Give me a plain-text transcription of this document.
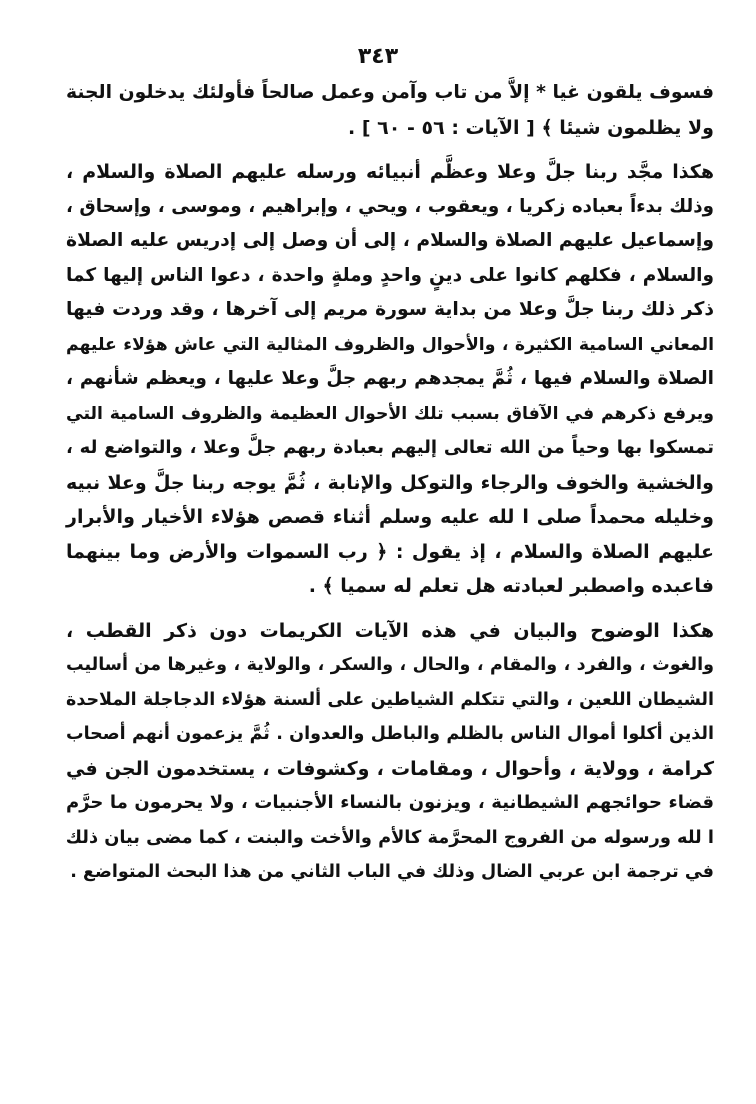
٣٤٣
فسوف يلقون غيا * إلاَّ من تاب وآمن وعمل صالحاً فأولئك يدخلون الجنة
ولا يظلمون شيئا ﴾ [ الآيات : ٥٦ - ٦٠ ] .
هكذا مجَّد ربنا جلَّ وعلا وعظَّم أنبيائه ورسله عليهم الصلاة والسلام ،
وذلك بدءاً بعباده زكريا ، ويعقوب ، ويحي ، وإبراهيم ، وموسى ، وإسحاق ،
وإسماعيل عليهم الصلاة والسلام ، إلى أن وصل إلى إدريس عليه الصلاة
والسلام ، فكلهم كانوا على دينٍ واحدٍ وملةٍ واحدة ، دعوا الناس إليها كما
ذكر ذلك ربنا جلَّ وعلا من بداية سورة مريم إلى آخرها ، وقد وردت فيها
المعاني السامية الكثيرة ، والأحوال والظروف المثالية التي عاش هؤلاء عليهم
الصلاة والسلام فيها ، ثُمَّ يمجدهم ربهم جلَّ وعلا عليها ، ويعظم شأنهم ،
ويرفع ذكرهم في الآفاق بسبب تلك الأحوال العظيمة والظروف السامية التي
تمسكوا بها وحياً من الله تعالى إليهم بعبادة ربهم جلَّ وعلا ، والتواضع له ،
والخشية والخوف والرجاء والتوكل والإنابة ، ثُمَّ يوجه ربنا جلَّ وعلا نبيه
وخليله محمداً صلى ا لله عليه وسلم أثناء قصص هؤلاء الأخيار والأبرار
عليهم الصلاة والسلام ، إذ يقول : ﴿ رب السموات والأرض وما بينهما
فاعبده واصطبر لعبادته هل تعلم له سميا ﴾ .
هكذا الوضوح والبيان في هذه الآيات الكريمات دون ذكر القطب ،
والغوث ، والفرد ، والمقام ، والحال ، والسكر ، والولاية ، وغيرها من أساليب
الشيطان اللعين ، والتي تتكلم الشياطين على ألسنة هؤلاء الدجاجلة الملاحدة
الذين أكلوا أموال الناس بالظلم والباطل والعدوان . ثُمَّ يزعمون أنهم أصحاب
كرامة ، وولاية ، وأحوال ، ومقامات ، وكشوفات ، يستخدمون الجن في
قضاء حوائجهم الشيطانية ، ويزنون بالنساء الأجنبيات ، ولا يحرمون ما حرَّم
ا لله ورسوله من الفروج المحرَّمة كالأم والأخت والبنت ، كما مضى بيان ذلك
في ترجمة ابن عربي الضال وذلك في الباب الثاني من هذا البحث المتواضع .
